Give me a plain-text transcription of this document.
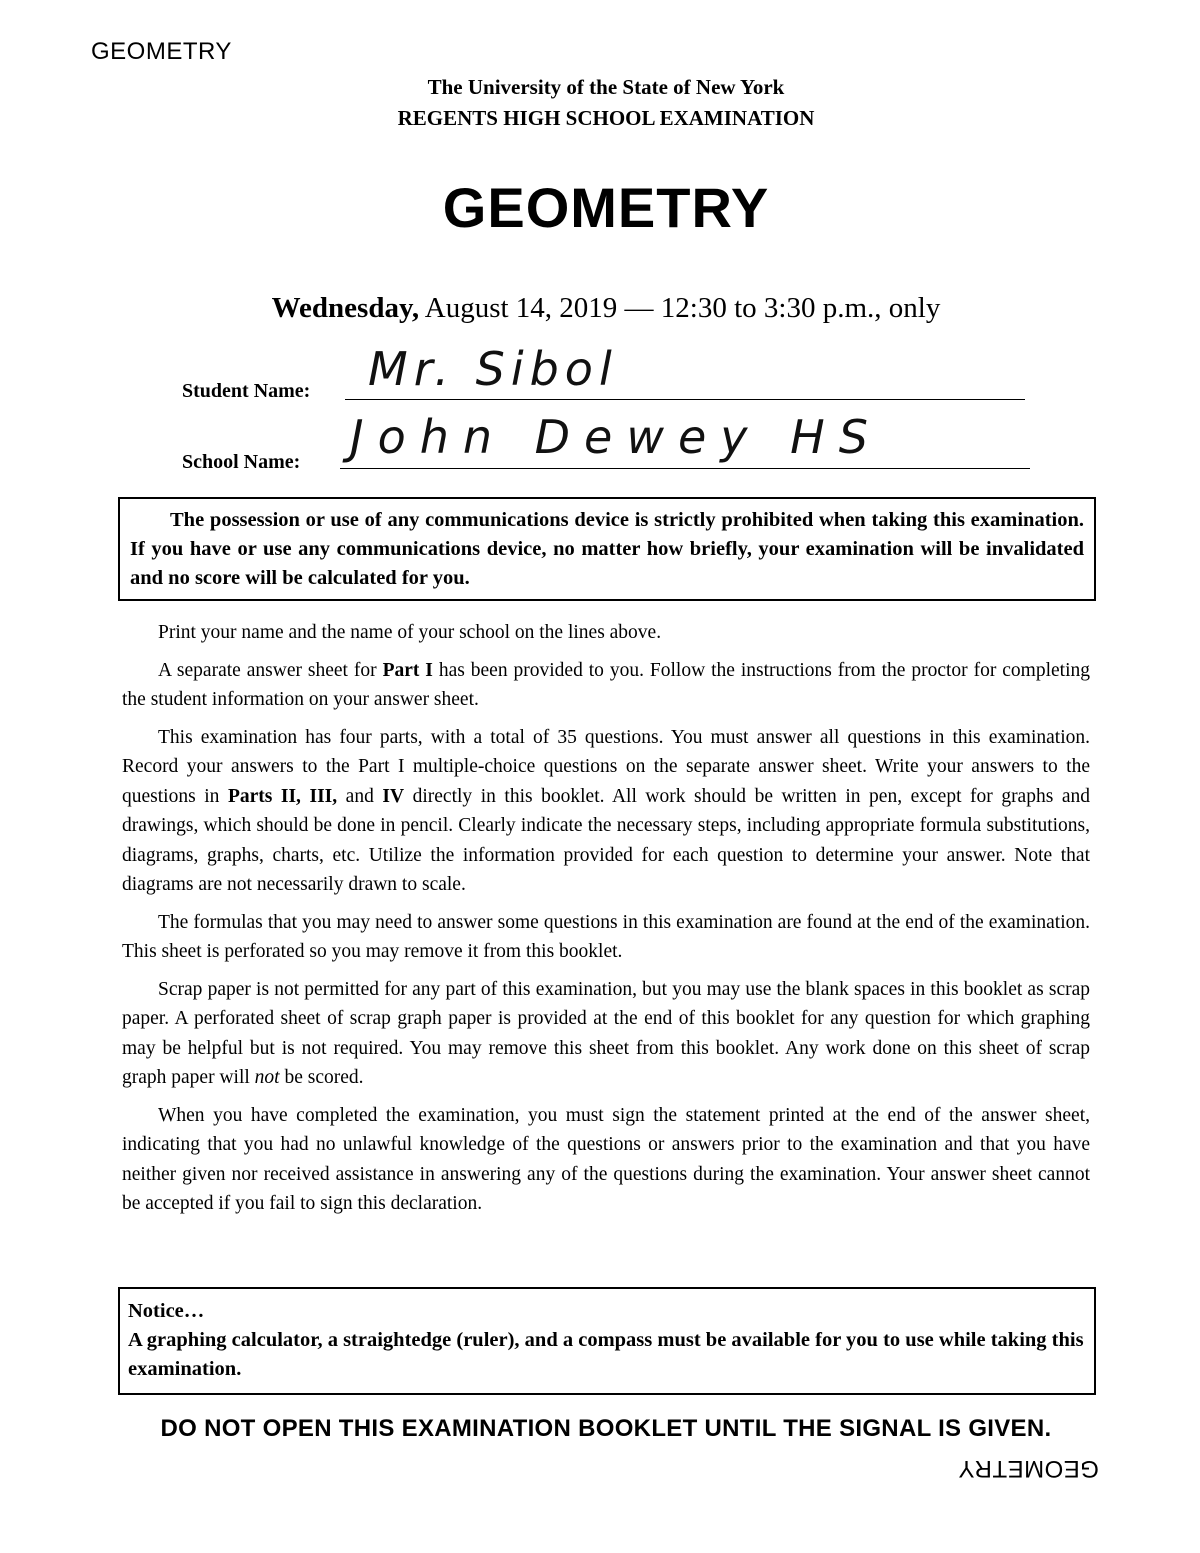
GEOMETRY
The University of the State of New York
REGENTS HIGH SCHOOL EXAMINATION
GEOMETRY
Wednesday, August 14, 2019 — 12:30 to 3:30 p.m., only
Student Name: Mr. Sibol
School Name: John Dewey HS

The possession or use of any communications device is strictly prohibited when taking this examination. If you have or use any communications device, no matter how briefly, your examination will be invalidated and no score will be calculated for you.

Print your name and the name of your school on the lines above.

A separate answer sheet for Part I has been provided to you. Follow the instructions from the proctor for completing the student information on your answer sheet.

This examination has four parts, with a total of 35 questions. You must answer all questions in this examination. Record your answers to the Part I multiple-choice questions on the separate answer sheet. Write your answers to the questions in Parts II, III, and IV directly in this booklet. All work should be written in pen, except for graphs and drawings, which should be done in pencil. Clearly indicate the necessary steps, including appropriate formula substitutions, diagrams, graphs, charts, etc. Utilize the information provided for each question to determine your answer. Note that diagrams are not necessarily drawn to scale.

The formulas that you may need to answer some questions in this examination are found at the end of the examination. This sheet is perforated so you may remove it from this booklet.

Scrap paper is not permitted for any part of this examination, but you may use the blank spaces in this booklet as scrap paper. A perforated sheet of scrap graph paper is provided at the end of this booklet for any question for which graphing may be helpful but is not required. You may remove this sheet from this booklet. Any work done on this sheet of scrap graph paper will not be scored.

When you have completed the examination, you must sign the statement printed at the end of the answer sheet, indicating that you had no unlawful knowledge of the questions or answers prior to the examination and that you have neither given nor received assistance in answering any of the questions during the examination. Your answer sheet cannot be accepted if you fail to sign this declaration.

Notice…

A graphing calculator, a straightedge (ruler), and a compass must be available for you to use while taking this examination.

DO NOT OPEN THIS EXAMINATION BOOKLET UNTIL THE SIGNAL IS GIVEN.
GEOMETRY
